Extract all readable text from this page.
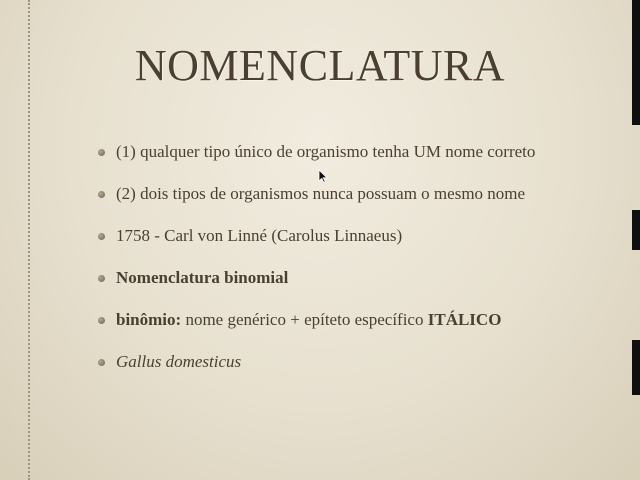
NOMENCLATURA
(1) qualquer tipo único de organismo tenha UM nome correto
(2) dois tipos de organismos nunca possuam o mesmo nome
1758 - Carl von Linné (Carolus Linnaeus)
Nomenclatura binomial
binômio: nome genérico + epíteto específico ITÁLICO
Gallus domesticus
